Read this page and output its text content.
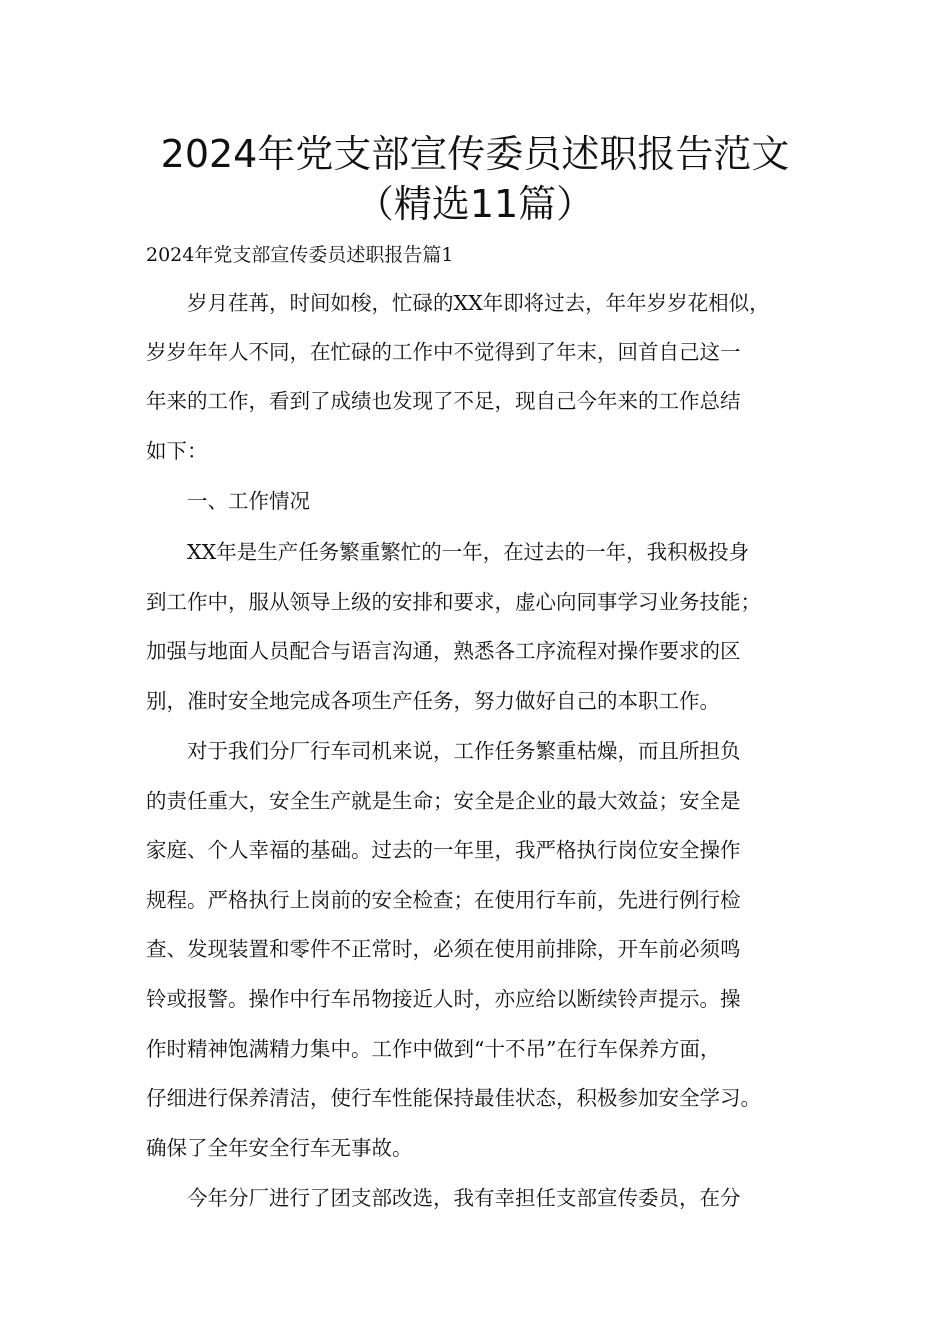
2024年党支部宣传委员述职报告范文
（精选11篇）
2024年党支部宣传委员述职报告篇1
　　岁月荏苒，时间如梭，忙碌的XX年即将过去，年年岁岁花相似，
岁岁年年人不同，在忙碌的工作中不觉得到了年末，回首自己这一
年来的工作，看到了成绩也发现了不足，现自己今年来的工作总结
如下：
　　一、工作情况
　　XX年是生产任务繁重繁忙的一年，在过去的一年，我积极投身
到工作中，服从领导上级的安排和要求，虚心向同事学习业务技能；
加强与地面人员配合与语言沟通，熟悉各工序流程对操作要求的区
别，准时安全地完成各项生产任务，努力做好自己的本职工作。
　　对于我们分厂行车司机来说，工作任务繁重枯燥，而且所担负
的责任重大，安全生产就是生命；安全是企业的最大效益；安全是
家庭、个人幸福的基础。过去的一年里，我严格执行岗位安全操作
规程。严格执行上岗前的安全检查；在使用行车前，先进行例行检
查、发现装置和零件不正常时，必须在使用前排除，开车前必须鸣
铃或报警。操作中行车吊物接近人时，亦应给以断续铃声提示。操
作时精神饱满精力集中。工作中做到“十不吊”在行车保养方面，
仔细进行保养清洁，使行车性能保持最佳状态，积极参加安全学习。
确保了全年安全行车无事故。
　　今年分厂进行了团支部改选，我有幸担任支部宣传委员，在分
